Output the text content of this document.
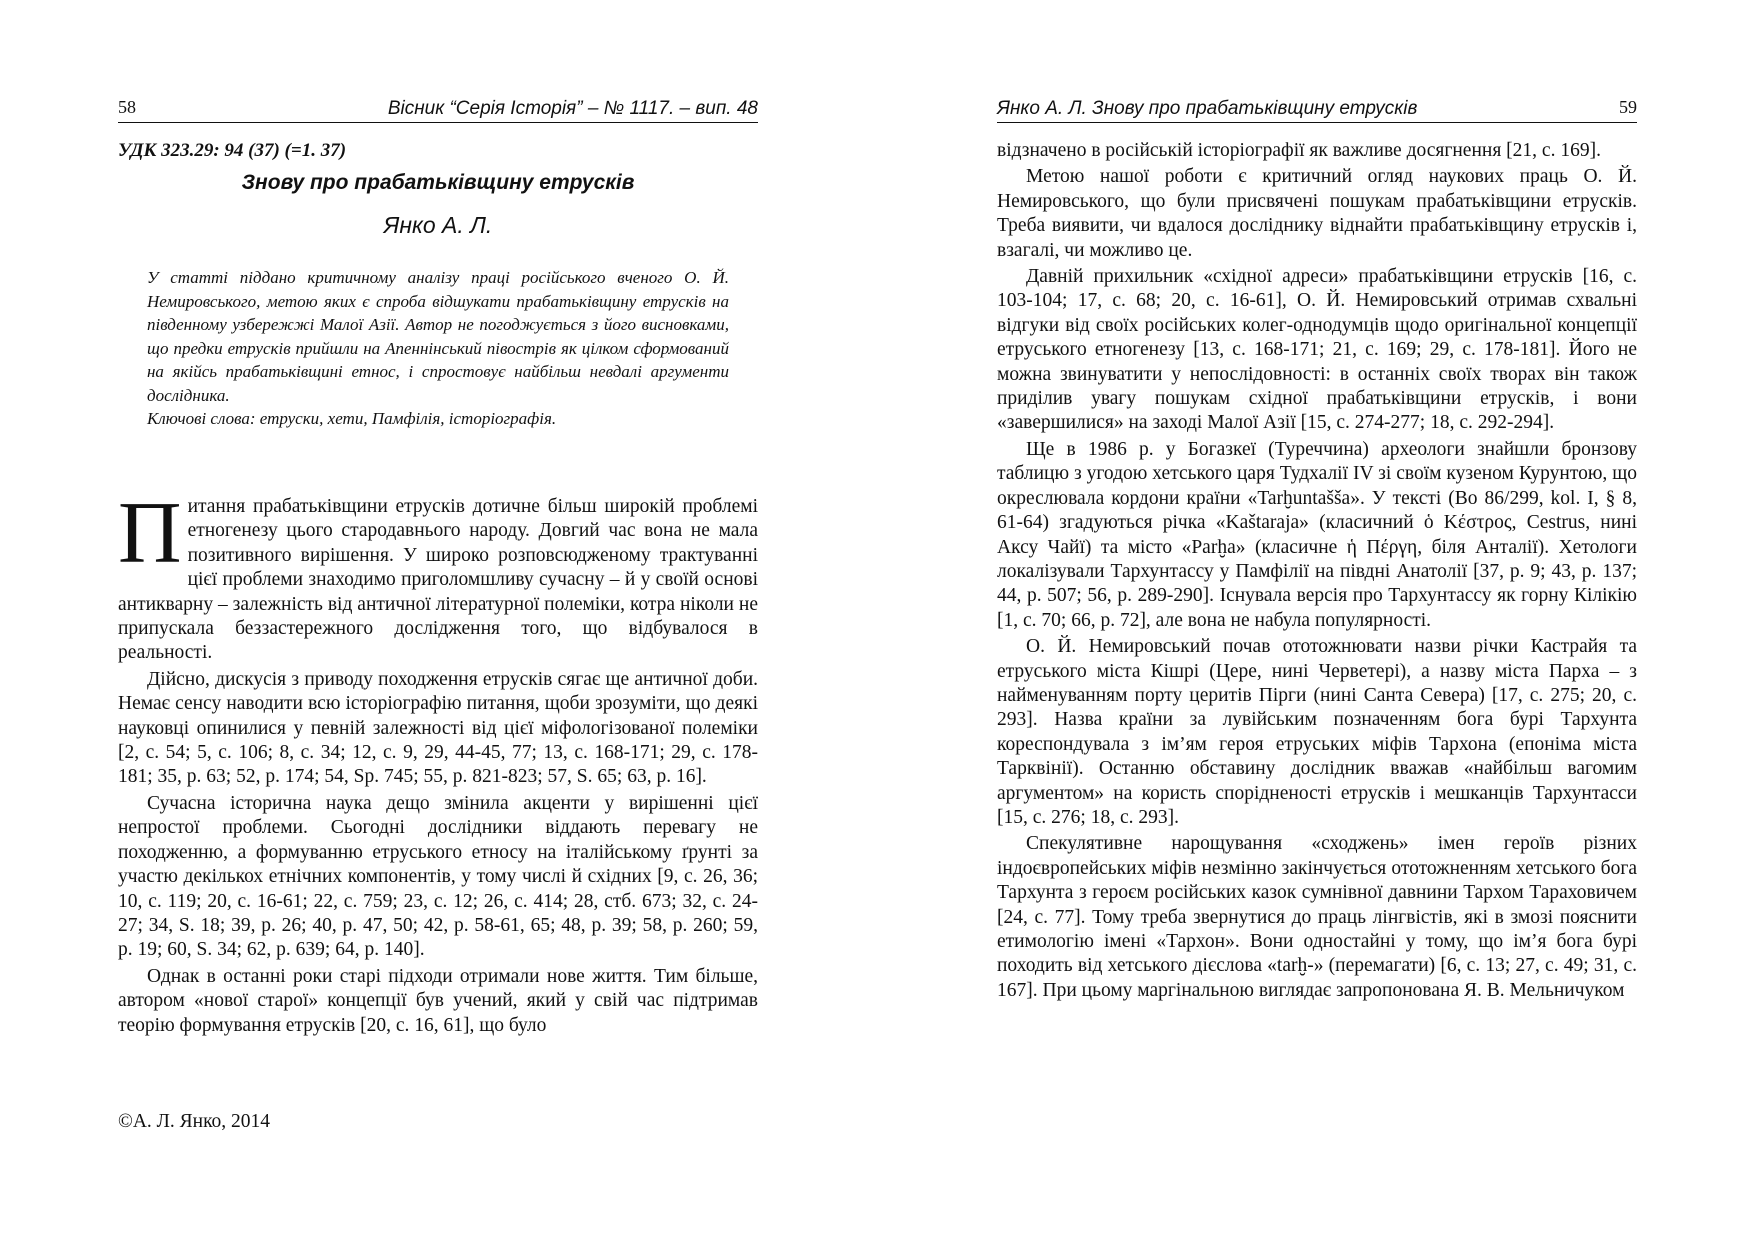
58	Вісник “Серія Історія” – № 1117. – вип. 48
УДК 323.29: 94 (37) (=1. 37)
Знову про прабатьківщину етрусків
Янко А. Л.

У статті піддано критичному аналізу праці російського вченого О. Й. Немировського, метою яких є спроба відшукати прабатьківщину етрусків на південному узбережжі Малої Азії. Автор не погоджується з його висновками, що предки етрусків прийшли на Апеннінський півострів як цілком сформований на якійсь прабатьківщині етнос, і спростовує найбільш невдалі аргументи дослідника.

Ключові слова: етруски, хети, Памфілія, історіографія.

Питання прабатьківщини етрусків дотичне більш широкій проблемі етногенезу цього стародавнього народу. Довгий час вона не мала позитивного вирішення. У широко розповсюдженому трактуванні цієї проблеми знаходимо приголомшливу сучасну – й у своїй основі антикварну – залежність від античної літературної полеміки, котра ніколи не припускала беззастережного дослідження того, що відбувалося в реальності.

Дійсно, дискусія з приводу походження етрусків сягає ще античної доби. Немає сенсу наводити всю історіографію питання, щоби зрозуміти, що деякі науковці опинилися у певній залежності від цієї міфологізованої полеміки [2, с. 54; 5, с. 106; 8, с. 34; 12, с. 9, 29, 44-45, 77; 13, с. 168-171; 29, с. 178-181; 35, p. 63; 52, p. 174; 54, Sp. 745; 55, p. 821-823; 57, S. 65; 63, p. 16].

Сучасна історична наука дещо змінила акценти у вирішенні цієї непростої проблеми. Сьогодні дослідники віддають перевагу не походженню, а формуванню етруського етносу на італійському ґрунті за участю декількох етнічних компонентів, у тому числі й східних [9, с. 26, 36; 10, с. 119; 20, с. 16-61; 22, с. 759; 23, с. 12; 26, с. 414; 28, стб. 673; 32, с. 24-27; 34, S. 18; 39, p. 26; 40, p. 47, 50; 42, p. 58-61, 65; 48, p. 39; 58, p. 260; 59, p. 19; 60, S. 34; 62, p. 639; 64, p. 140].

Однак в останні роки старі підходи отримали нове життя. Тим більше, автором «нової старої» концепції був учений, який у свій час підтримав теорію формування етрусків [20, с. 16, 61], що було

©А. Л. Янко, 2014
Янко А. Л. Знову про прабатьківщину етрусків	59

відзначено в російській історіографії як важливе досягнення [21, с. 169].

Метою нашої роботи є критичний огляд наукових праць О. Й. Немировського, що були присвячені пошукам прабатьківщини етрусків. Треба виявити, чи вдалося досліднику віднайти прабатьківщину етрусків і, взагалі, чи можливо це.

Давній прихильник «східної адреси» прабатьківщини етрусків [16, с. 103-104; 17, с. 68; 20, с. 16-61], О. Й. Немировський отримав схвальні відгуки від своїх російських колег-однодумців щодо оригінальної концепції етруського етногенезу [13, с. 168-171; 21, с. 169; 29, с. 178-181]. Його не можна звинуватити у непослідовності: в останніх своїх творах він також приділив увагу пошукам східної прабатьківщини етрусків, і вони «завершилися» на заході Малої Азії [15, с. 274-277; 18, с. 292-294].

Ще в 1986 р. у Богазкеї (Туреччина) археологи знайшли бронзову таблицю з угодою хетського царя Тудхалії IV зі своїм кузеном Курунтою, що окреслювала кордони країни «Tarḫuntašša». У тексті (Bo 86/299, kol. I, § 8, 61-64) згадуються річка «Kaštaraja» (класичний ὁ Κέστρος, Cestrus, нині Аксу Чайї) та місто «Parḫa» (класичне ἡ Πέργη, біля Анталії). Хетологи локалізували Тархунтассу у Памфілії на півдні Анатолії [37, p. 9; 43, p. 137; 44, p. 507; 56, p. 289-290]. Існувала версія про Тархунтассу як горну Кілікію [1, с. 70; 66, p. 72], але вона не набула популярності.

О. Й. Немировський почав ототожнювати назви річки Кастрайя та етруського міста Кішрі (Цере, нині Черветері), а назву міста Парха – з найменуванням порту церитів Пірги (нині Санта Севера) [17, с. 275; 20, с. 293]. Назва країни за лувійським позначенням бога бурі Тархунта кореспондувала з ім’ям героя етруських міфів Тархона (епоніма міста Тарквінії). Останню обставину дослідник вважав «найбільш вагомим аргументом» на користь спорідненості етрусків і мешканців Тархунтасси [15, с. 276; 18, с. 293].

Спекулятивне нарощування «сходжень» імен героїв різних індоєвропейських міфів незмінно закінчується ототожненням хетського бога Тархунта з героєм російських казок сумнівної давнини Тархом Тараховичем [24, с. 77]. Тому треба звернутися до праць лінгвістів, які в змозі пояснити етимологію імені «Тархон». Вони одностайні у тому, що ім’я бога бурі походить від хетського дієслова «tarḫ-» (перемагати) [6, с. 13; 27, с. 49; 31, с. 167]. При цьому маргінальною виглядає запропонована Я. В. Мельничуком
